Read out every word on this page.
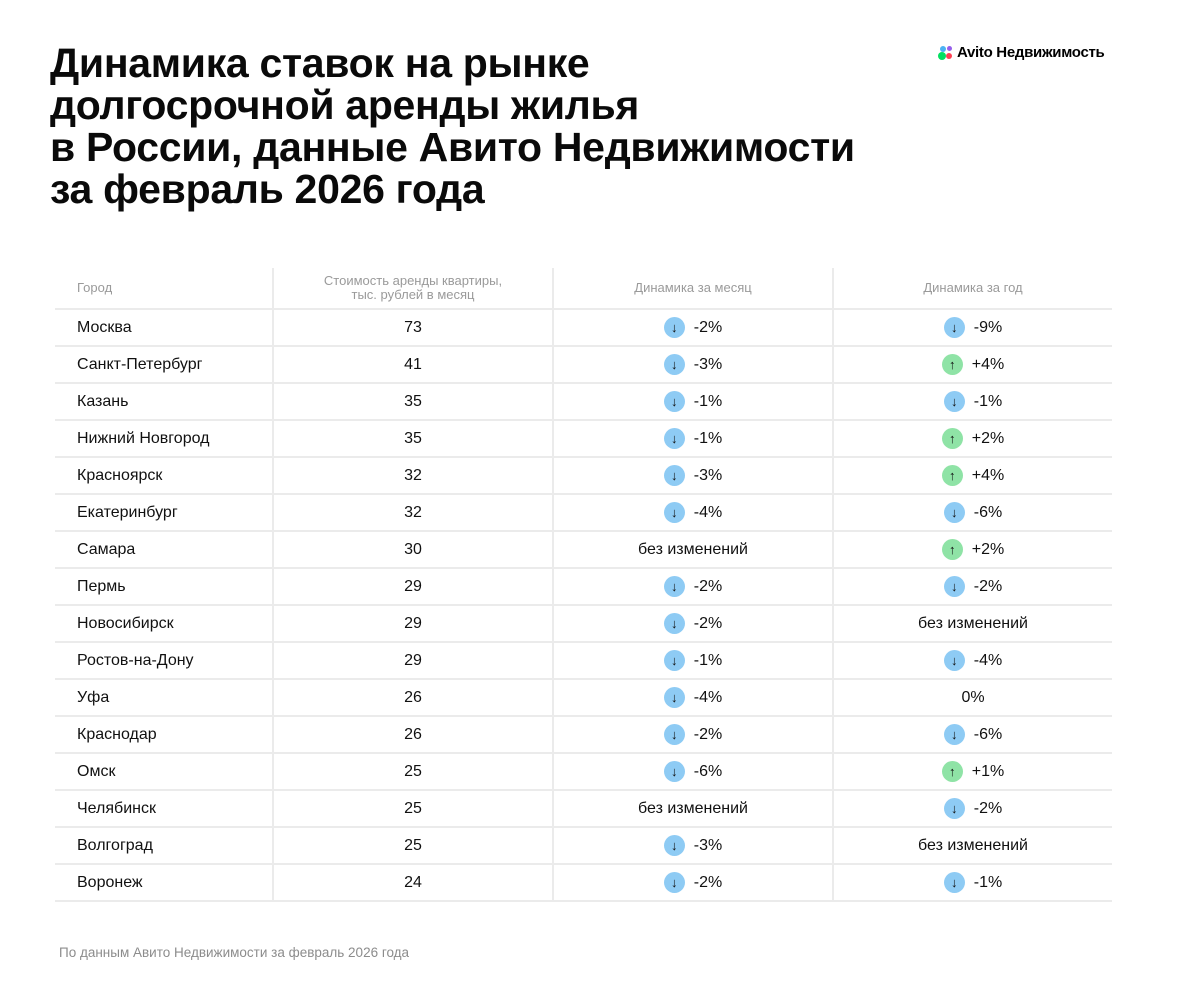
Динамика ставок на рынке
долгосрочной аренды жилья
в России, данные Авито Недвижимости
за февраль 2026 года
Avito Недвижимость
Город	Стоимость аренды квартиры,
тыс. рублей в месяц	Динамика за месяц	Динамика за год
Москва	73	↓ -2%	↓ -9%

Санкт-Петербург	41	↓ -3%	↑ +4%

Казань	35	↓ -1%	↓ -1%

Нижний Новгород	35	↓ -1%	↑ +2%

Красноярск	32	↓ -3%	↑ +4%

Екатеринбург	32	↓ -4%	↓ -6%

Самара	30	без изменений	↑ +2%

Пермь	29	↓ -2%	↓ -2%

Новосибирск	29	↓ -2%	без изменений

Ростов-на-Дону	29	↓ -1%	↓ -4%

Уфа	26	↓ -4%	0%

Краснодар	26	↓ -2%	↓ -6%

Омск	25	↓ -6%	↑ +1%

Челябинск	25	без изменений	↓ -2%

Волгоград	25	↓ -3%	без изменений

Воронеж	24	↓ -2%	↓ -1%
По данным Авито Недвижимости за февраль 2026 года
